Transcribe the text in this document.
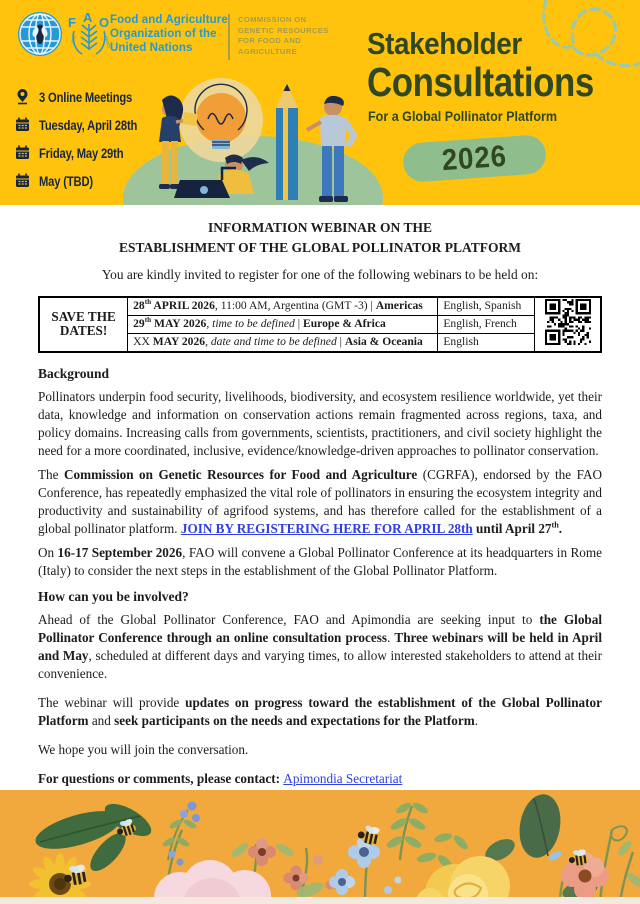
F A O
FIAT	PANIS
Food and Agriculture
Organization of the
United Nations
COMMISSION ON
GENETIC RESOURCES
FOR FOOD AND
AGRICULTURE
3 Online Meetings
Tuesday, April 28th
Friday, May 29th
May (TBD)
Stakeholder
Consultations
For a Global Pollinator Platform
2026
INFORMATION WEBINAR ON THE
ESTABLISHMENT OF THE GLOBAL POLLINATOR PLATFORM

You are kindly invited to register for one of the following webinars to be held on:

SAVE THE DATES!	28th APRIL 2026, 11:00 AM, Argentina (GMT -3) | Americas	English, Spanish	
	29th MAY 2026, time to be defined | Europe & Africa	English, French	
	XX MAY 2026, date and time to be defined | Asia & Oceania	English	

Background

Pollinators underpin food security, livelihoods, biodiversity, and ecosystem resilience worldwide, yet their data, knowledge and information on conservation actions remain fragmented across regions, taxa, and policy domains. Increasing calls from governments, scientists, practitioners, and civil society highlight the need for a more coordinated, inclusive, evidence/knowledge-driven approaches to pollinator conservation.

The Commission on Genetic Resources for Food and Agriculture (CGRFA), endorsed by the FAO Conference, has repeatedly emphasized the vital role of pollinators in ensuring the ecosystem integrity and productivity and sustainability of agrifood systems, and has therefore called for the establishment of a global pollinator platform. JOIN BY REGISTERING HERE FOR APRIL 28th until April 27th.

On 16-17 September 2026, FAO will convene a Global Pollinator Conference at its headquarters in Rome (Italy) to consider the next steps in the establishment of the Global Pollinator Platform.

How can you be involved?

Ahead of the Global Pollinator Conference, FAO and Apimondia are seeking input to the Global Pollinator Conference through an online consultation process. Three webinars will be held in April and May, scheduled at different days and varying times, to allow interested stakeholders to attend at their convenience.

The webinar will provide updates on progress toward the establishment of the Global Pollinator Platform and seek participants on the needs and expectations for the Platform.

We hope you will join the conversation.

For questions or comments, please contact: Apimondia Secretariat
